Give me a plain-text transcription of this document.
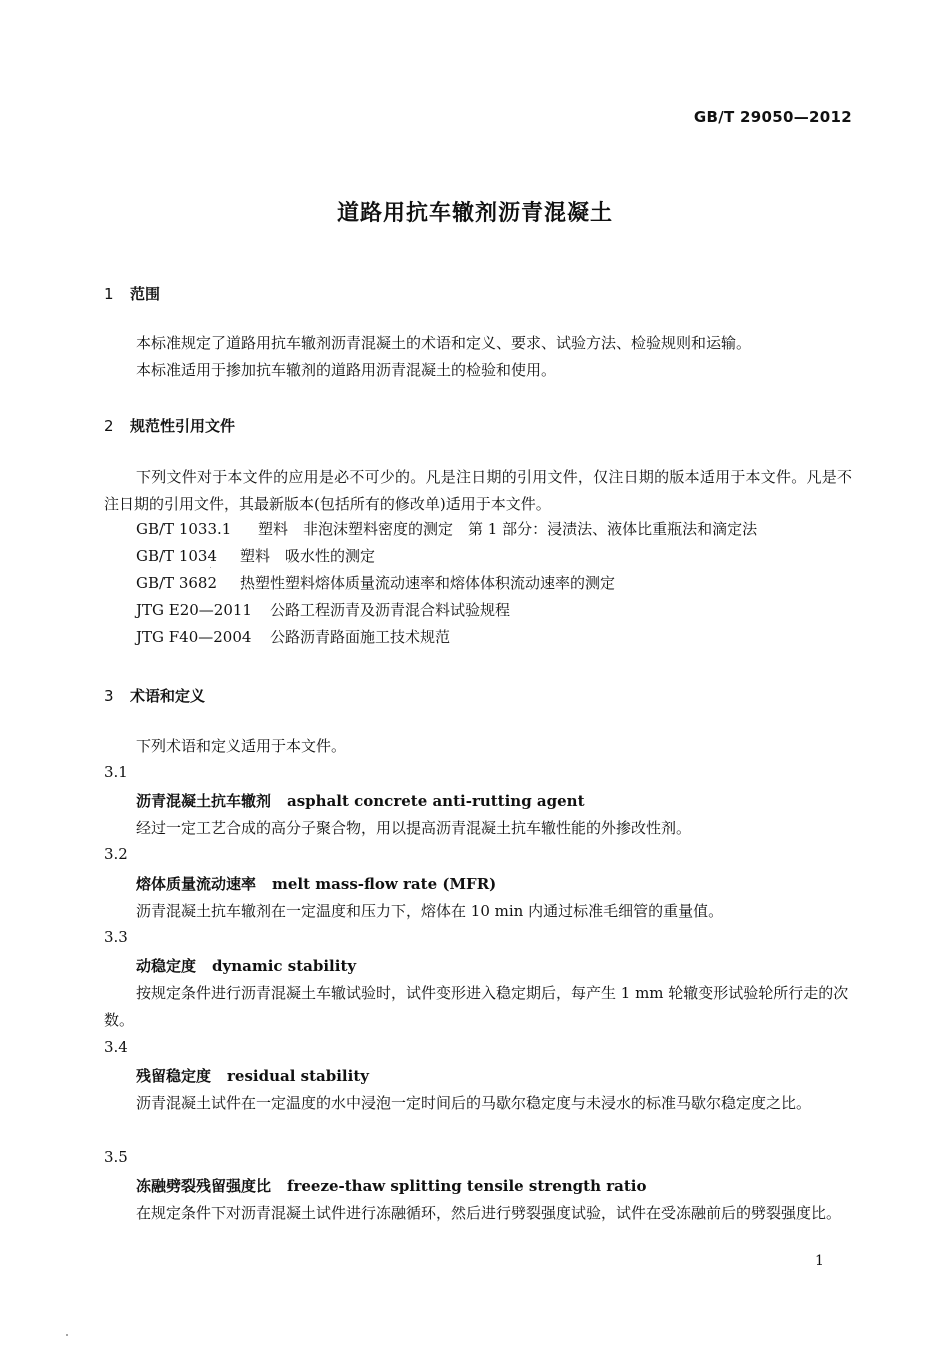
GB/T 29050—2012
道路用抗车辙剂沥青混凝土
1 范围
本标准规定了道路用抗车辙剂沥青混凝土的术语和定义、要求、试验方法、检验规则和运输。
本标准适用于掺加抗车辙剂的道路用沥青混凝土的检验和使用。
2 规范性引用文件
下列文件对于本文件的应用是必不可少的。凡是注日期的引用文件，仅注日期的版本适用于本文件。凡是不注日期的引用文件，其最新版本(包括所有的修改单)适用于本文件。
GB/T 1033.1 塑料　非泡沫塑料密度的测定　第 1 部分：浸渍法、液体比重瓶法和滴定法
GB/T 1034 塑料　吸水性的测定
GB/T 3682 热塑性塑料熔体质量流动速率和熔体体积流动速率的测定
JTG E20—2011 公路工程沥青及沥青混合料试验规程
JTG F40—2004 公路沥青路面施工技术规范
3 术语和定义
下列术语和定义适用于本文件。
3.1
沥青混凝土抗车辙剂 asphalt concrete anti-rutting agent
经过一定工艺合成的高分子聚合物，用以提高沥青混凝土抗车辙性能的外掺改性剂。
3.2
熔体质量流动速率 melt mass-flow rate (MFR)
沥青混凝土抗车辙剂在一定温度和压力下，熔体在 10 min 内通过标准毛细管的重量值。
3.3
动稳定度 dynamic stability
按规定条件进行沥青混凝土车辙试验时，试件变形进入稳定期后，每产生 1 mm 轮辙变形试验轮所行走的次数。
3.4
残留稳定度 residual stability
沥青混凝土试件在一定温度的水中浸泡一定时间后的马歇尔稳定度与未浸水的标准马歇尔稳定度之比。
3.5
冻融劈裂残留强度比 freeze-thaw splitting tensile strength ratio
在规定条件下对沥青混凝土试件进行冻融循环，然后进行劈裂强度试验，试件在受冻融前后的劈裂强度比。
1
